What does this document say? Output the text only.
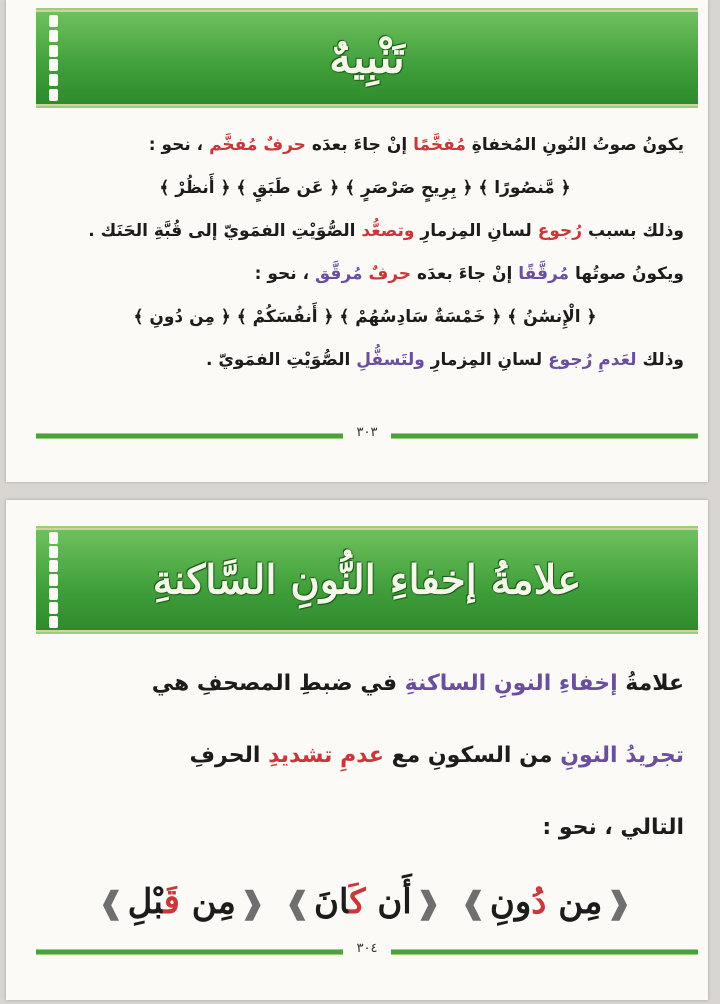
تَنْبِيهٌ
يكونُ صوتُ النُونِ المُخفاةِ مُفخَّمًا إنْ جاءَ بعدَه حرفٌ مُفخَّم ، نحو :
﴿ مَّنصُورًا ﴾ ﴿ بِرِيحٍ صَرْصَرٍ ﴾ ﴿ عَن طَبَقٍ ﴾ ﴿ أَنظُرْ ﴾
وذلك بسبب رُجوع لسانِ المِزمارِ وتصعُّد الصُّوَيْتِ الفمَويّ إلى قُبَّةِ الحَنَك .
ويكونُ صوتُها مُرقَّقًا إنْ جاءَ بعدَه حرفٌ مُرقَّق ، نحو :
﴿ الْإِنسَٰنُ ﴾ ﴿ خَمْسَةٌ سَادِسُهُمْ ﴾ ﴿ أَنفُسَكُمْ ﴾ ﴿ مِن دُونِ ﴾
وذلك لعَدمِ رُجوع لسانِ المِزمارِ ولتَسفُّلِ الصُّوَيْتِ الفمَويّ .
٣٠٣
علامةُ إخفاءِ النُّونِ السَّاكنةِ
علامةُ إخفاءِ النونِ الساكنةِ في ضبطِ المصحفِ هي
تجريدُ النونِ من السكونِ مع عدمِ تشديدِ الحرفِ
التالي ، نحو :
❰مِن دُونِ❱ ❰أَن كَانَ❱ ❰مِن قَبْلِ❱
٣٠٤
